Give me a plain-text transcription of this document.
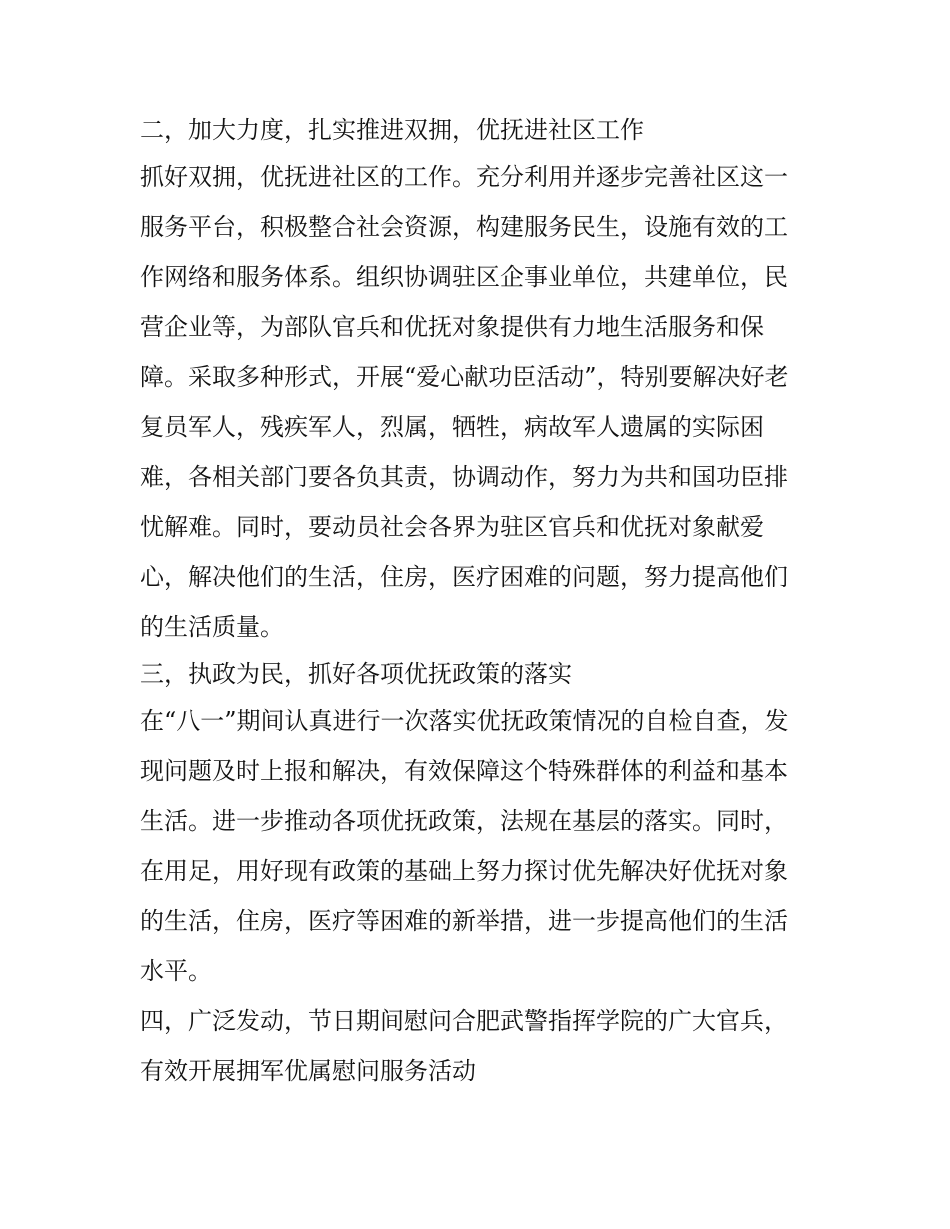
二，加大力度，扎实推进双拥，优抚进社区工作
抓好双拥，优抚进社区的工作。充分利用并逐步完善社区这一
服务平台，积极整合社会资源，构建服务民生，设施有效的工
作网络和服务体系。组织协调驻区企事业单位，共建单位，民
营企业等，为部队官兵和优抚对象提供有力地生活服务和保
障。采取多种形式，开展“爱心献功臣活动”，特别要解决好老
复员军人，残疾军人，烈属，牺牲，病故军人遗属的实际困
难，各相关部门要各负其责，协调动作，努力为共和国功臣排
忧解难。同时，要动员社会各界为驻区官兵和优抚对象献爱
心，解决他们的生活，住房，医疗困难的问题，努力提高他们
的生活质量。
三，执政为民，抓好各项优抚政策的落实
在“八一”期间认真进行一次落实优抚政策情况的自检自查，发
现问题及时上报和解决，有效保障这个特殊群体的利益和基本
生活。进一步推动各项优抚政策，法规在基层的落实。同时，
在用足，用好现有政策的基础上努力探讨优先解决好优抚对象
的生活，住房，医疗等困难的新举措，进一步提高他们的生活
水平。
四，广泛发动，节日期间慰问合肥武警指挥学院的广大官兵，
有效开展拥军优属慰问服务活动
